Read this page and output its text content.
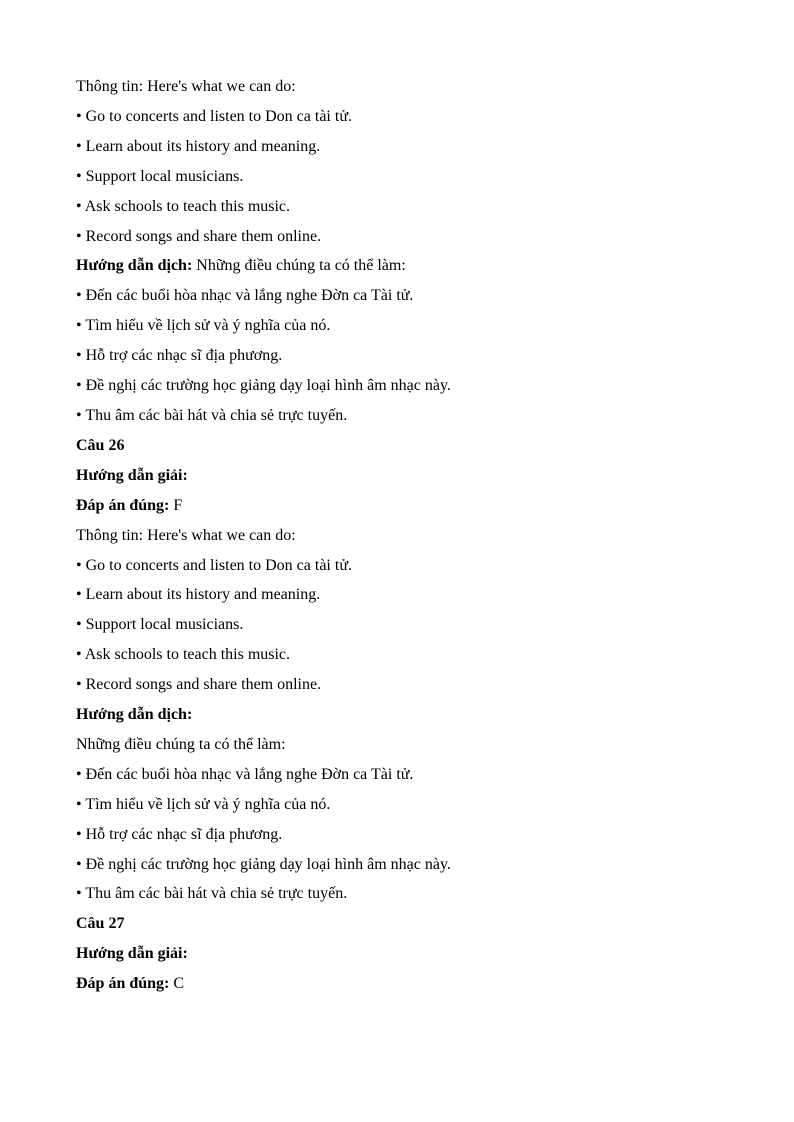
Thông tin: Here's what we can do:
• Go to concerts and listen to Don ca tài tử.
• Learn about its history and meaning.
• Support local musicians.
• Ask schools to teach this music.
• Record songs and share them online.
Hướng dẫn dịch: Những điều chúng ta có thể làm:
• Đến các buổi hòa nhạc và lắng nghe Đờn ca Tài tử.
• Tìm hiểu về lịch sử và ý nghĩa của nó.
• Hỗ trợ các nhạc sĩ địa phương.
• Đề nghị các trường học giảng dạy loại hình âm nhạc này.
• Thu âm các bài hát và chia sẻ trực tuyến.
Câu 26
Hướng dẫn giải:
Đáp án đúng: F
Thông tin: Here's what we can do:
• Go to concerts and listen to Don ca tài tử.
• Learn about its history and meaning.
• Support local musicians.
• Ask schools to teach this music.
• Record songs and share them online.
Hướng dẫn dịch:
Những điều chúng ta có thể làm:
• Đến các buổi hòa nhạc và lắng nghe Đờn ca Tài tử.
• Tìm hiểu về lịch sử và ý nghĩa của nó.
• Hỗ trợ các nhạc sĩ địa phương.
• Đề nghị các trường học giảng dạy loại hình âm nhạc này.
• Thu âm các bài hát và chia sẻ trực tuyến.
Câu 27
Hướng dẫn giải:
Đáp án đúng: C
